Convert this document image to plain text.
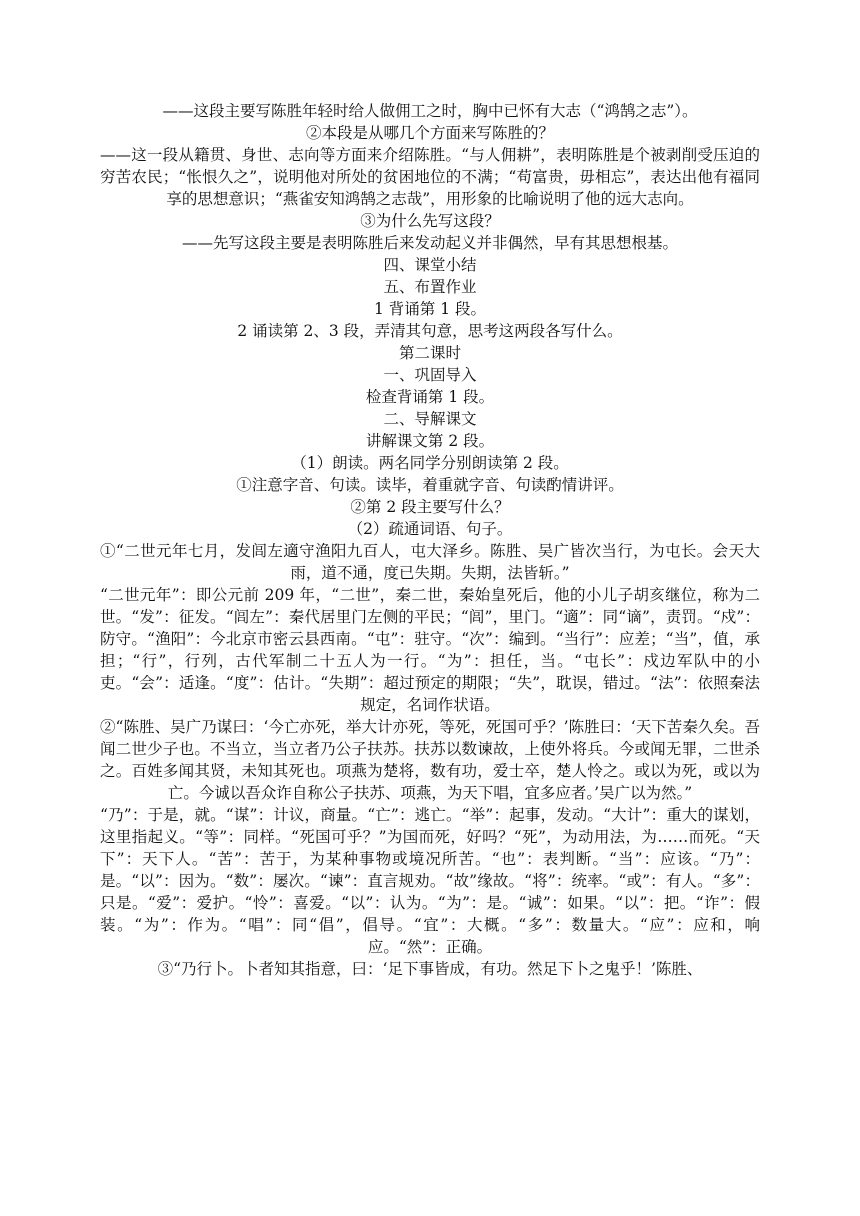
——这段主要写陈胜年轻时给人做佣工之时，胸中已怀有大志（“鸿鹄之志”）。

②本段是从哪几个方面来写陈胜的？

——这一段从籍贯、身世、志向等方面来介绍陈胜。“与人佣耕”，表明陈胜是个被剥削受压迫的穷苦农民；“怅恨久之”，说明他对所处的贫困地位的不满；“苟富贵，毋相忘”，表达出他有福同享的思想意识；“燕雀安知鸿鹄之志哉”，用形象的比喻说明了他的远大志向。

③为什么先写这段？

——先写这段主要是表明陈胜后来发动起义并非偶然，早有其思想根基。

四、课堂小结

五、布置作业

1 背诵第 1 段。

2 诵读第 2、3 段，弄清其句意，思考这两段各写什么。

第二课时

一、巩固导入

检查背诵第 1 段。

二、导解课文

讲解课文第 2 段。

（1）朗读。两名同学分别朗读第 2 段。

①注意字音、句读。读毕，着重就字音、句读酌情讲评。

②第 2 段主要写什么？

（2）疏通词语、句子。

①“二世元年七月，发闾左適守渔阳九百人，屯大泽乡。陈胜、吴广皆次当行，为屯长。会天大雨，道不通，度已失期。失期，法皆斩。”

“二世元年”：即公元前 209 年，“二世”，秦二世，秦始皇死后，他的小儿子胡亥继位，称为二世。“发”：征发。“闾左”：秦代居里门左侧的平民；“闾”，里门。“適”：同“谪”，责罚。“戍”：防守。“渔阳”：今北京市密云县西南。“屯”：驻守。“次”：编到。“当行”：应差；“当”，值，承担；“行”，行列，古代军制二十五人为一行。“为”：担任，当。“屯长”：戍边军队中的小吏。“会”：适逢。“度”：估计。“失期”：超过预定的期限；“失”，耽误，错过。“法”：依照秦法规定，名词作状语。

②“陈胜、吴广乃谋曰：‘今亡亦死，举大计亦死，等死，死国可乎？’陈胜曰：‘天下苦秦久矣。吾闻二世少子也。不当立，当立者乃公子扶苏。扶苏以数谏故，上使外将兵。今或闻无罪，二世杀之。百姓多闻其贤，未知其死也。项燕为楚将，数有功，爱士卒，楚人怜之。或以为死，或以为亡。今诚以吾众诈自称公子扶苏、项燕，为天下唱，宜多应者。’吴广以为然。”

“乃”：于是，就。“谋”：计议，商量。“亡”：逃亡。“举”：起事，发动。“大计”：重大的谋划，这里指起义。“等”：同样。“死国可乎？”为国而死，好吗？“死”，为动用法，为……而死。“天下”：天下人。“苦”：苦于，为某种事物或境况所苦。“也”：表判断。“当”：应该。“乃”：是。“以”：因为。“数”：屡次。“谏”：直言规劝。“故”缘故。“将”：统率。“或”：有人。“多”：只是。“爱”：爱护。“怜”：喜爱。“以”：认为。“为”：是。“诚”：如果。“以”：把。“诈”：假装。“为”：作为。“唱”：同“倡”，倡导。“宜”：大概。“多”：数量大。“应”：应和，响应。“然”：正确。

③“乃行卜。卜者知其指意，曰：‘足下事皆成，有功。然足下卜之鬼乎！’陈胜、
